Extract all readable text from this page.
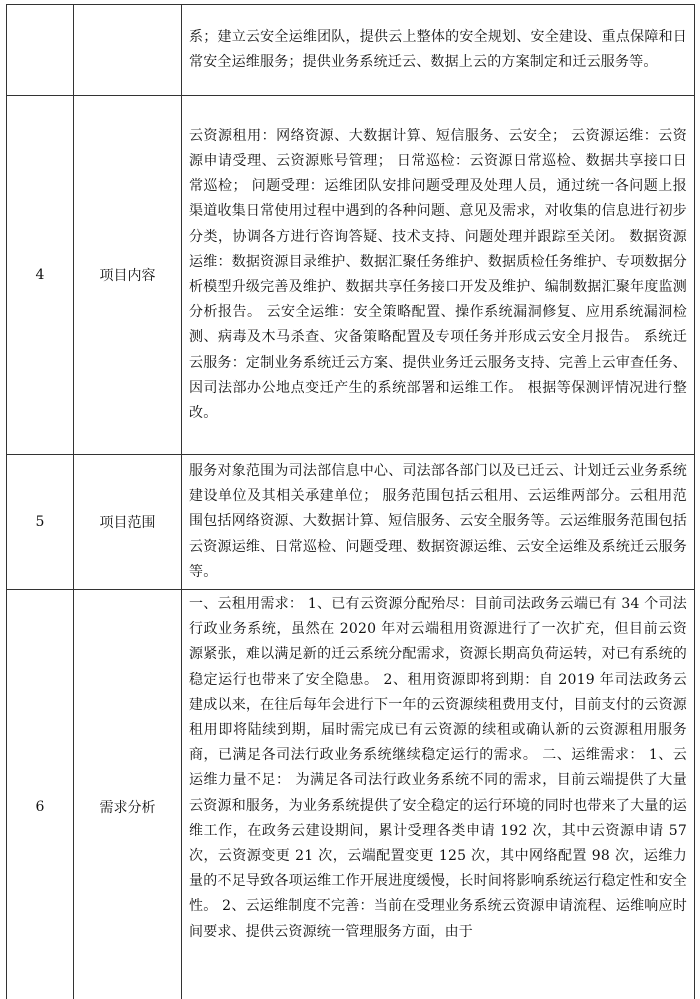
		系；建立云安全运维团队，提供云上整体的安全规划、安全建设、重点保障和日常安全运维服务；提供业务系统迁云、数据上云的方案制定和迁云服务等。
4	项目内容	云资源租用：网络资源、大数据计算、短信服务、云安全； 云资源运维：云资源申请受理、云资源账号管理； 日常巡检：云资源日常巡检、数据共享接口日常巡检； 问题受理：运维团队安排问题受理及处理人员，通过统一各问题上报渠道收集日常使用过程中遇到的各种问题、意见及需求，对收集的信息进行初步分类，协调各方进行咨询答疑、技术支持、问题处理并跟踪至关闭。 数据资源运维：数据资源目录维护、数据汇聚任务维护、数据质检任务维护、专项数据分析模型升级完善及维护、数据共享任务接口开发及维护、编制数据汇聚年度监测分析报告。 云安全运维：安全策略配置、操作系统漏洞修复、应用系统漏洞检测、病毒及木马杀查、灾备策略配置及专项任务并形成云安全月报告。 系统迁云服务：定制业务系统迁云方案、提供业务迁云服务支持、完善上云审查任务、因司法部办公地点变迁产生的系统部署和运维工作。 根据等保测评情况进行整改。
5	项目范围	服务对象范围为司法部信息中心、司法部各部门以及已迁云、计划迁云业务系统建设单位及其相关承建单位； 服务范围包括云租用、云运维两部分。云租用范围包括网络资源、大数据计算、短信服务、云安全服务等。云运维服务范围包括云资源运维、日常巡检、问题受理、数据资源运维、云安全运维及系统迁云服务等。
6	需求分析	一、云租用需求： 1、已有云资源分配殆尽：目前司法政务云端已有 34 个司法行政业务系统，虽然在 2020 年对云端租用资源进行了一次扩充，但目前云资源紧张，难以满足新的迁云系统分配需求，资源长期高负荷运转，对已有系统的稳定运行也带来了安全隐患。 2、租用资源即将到期：自 2019 年司法政务云建成以来，在往后每年会进行下一年的云资源续租费用支付，目前支付的云资源租用即将陆续到期，届时需完成已有云资源的续租或确认新的云资源租用服务商，已满足各司法行政业务系统继续稳定运行的需求。 二、运维需求： 1、云运维力量不足： 为满足各司法行政业务系统不同的需求，目前云端提供了大量云资源和服务，为业务系统提供了安全稳定的运行环境的同时也带来了大量的运维工作，在政务云建设期间，累计受理各类申请 192 次，其中云资源申请 57 次，云资源变更 21 次，云端配置变更 125 次，其中网络配置 98 次，运维力量的不足导致各项运维工作开展进度缓慢，长时间将影响系统运行稳定性和安全性。 2、云运维制度不完善：当前在受理业务系统云资源申请流程、运维响应时间要求、提供云资源统一管理服务方面，由于
